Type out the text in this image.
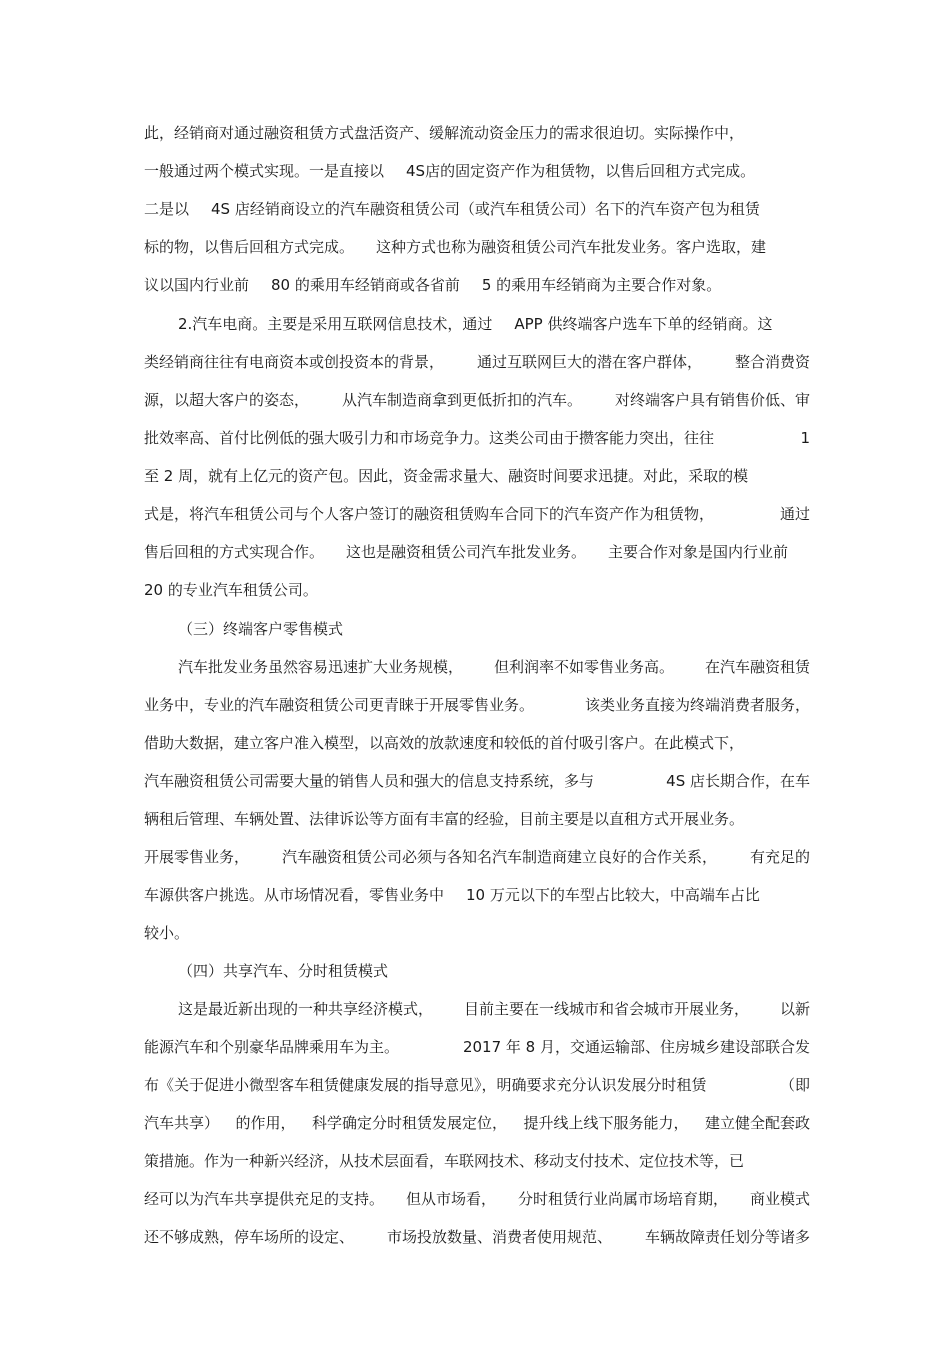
此，经销商对通过融资租赁方式盘活资产、缓解流动资金压力的需求很迫切。实际操作中，
一般通过两个模式实现。一是直接以 4S店的固定资产作为租赁物，以售后回租方式完成。
二是以 4S 店经销商设立的汽车融资租赁公司（或汽车租赁公司）名下的汽车资产包为租赁
标的物，以售后回租方式完成。 这种方式也称为融资租赁公司汽车批发业务。客户选取，建
议以国内行业前 80 的乘用车经销商或各省前 5 的乘用车经销商为主要合作对象。
2.汽车电商。主要是采用互联网信息技术，通过 APP 供终端客户选车下单的经销商。这
类经销商往往有电商资本或创投资本的背景， 通过互联网巨大的潜在客户群体， 整合消费资
源，以超大客户的姿态， 从汽车制造商拿到更低折扣的汽车。 对终端客户具有销售价低、审
批效率高、首付比例低的强大吸引力和市场竞争力。这类公司由于攒客能力突出，往往	1
至 2 周，就有上亿元的资产包。因此，资金需求量大、融资时间要求迅捷。对此，采取的模
式是，将汽车租赁公司与个人客户签订的融资租赁购车合同下的汽车资产作为租赁物，	通过
售后回租的方式实现合作。 这也是融资租赁公司汽车批发业务。 主要合作对象是国内行业前
20 的专业汽车租赁公司。
（三）终端客户零售模式
汽车批发业务虽然容易迅速扩大业务规模， 但利润率不如零售业务高。 在汽车融资租赁
业务中，专业的汽车融资租赁公司更青睐于开展零售业务。	该类业务直接为终端消费者服务，
借助大数据，建立客户准入模型，以高效的放款速度和较低的首付吸引客户。在此模式下，
汽车融资租赁公司需要大量的销售人员和强大的信息支持系统，多与	4S 店长期合作，在车
辆租后管理、车辆处置、法律诉讼等方面有丰富的经验，目前主要是以直租方式开展业务。
开展零售业务， 汽车融资租赁公司必须与各知名汽车制造商建立良好的合作关系， 有充足的
车源供客户挑选。从市场情况看，零售业务中 10 万元以下的车型占比较大，中高端车占比
较小。
（四）共享汽车、分时租赁模式
这是最近新出现的一种共享经济模式， 目前主要在一线城市和省会城市开展业务， 以新
能源汽车和个别豪华品牌乘用车为主。	2017 年 8 月，交通运输部、住房城乡建设部联合发
布《关于促进小微型客车租赁健康发展的指导意见》，明确要求充分认识发展分时租赁	（即
汽车共享） 的作用， 科学确定分时租赁发展定位， 提升线上线下服务能力， 建立健全配套政
策措施。作为一种新兴经济，从技术层面看，车联网技术、移动支付技术、定位技术等，已
经可以为汽车共享提供充足的支持。 但从市场看， 分时租赁行业尚属市场培育期， 商业模式
还不够成熟，停车场所的设定、 市场投放数量、消费者使用规范、 车辆故障责任划分等诸多
